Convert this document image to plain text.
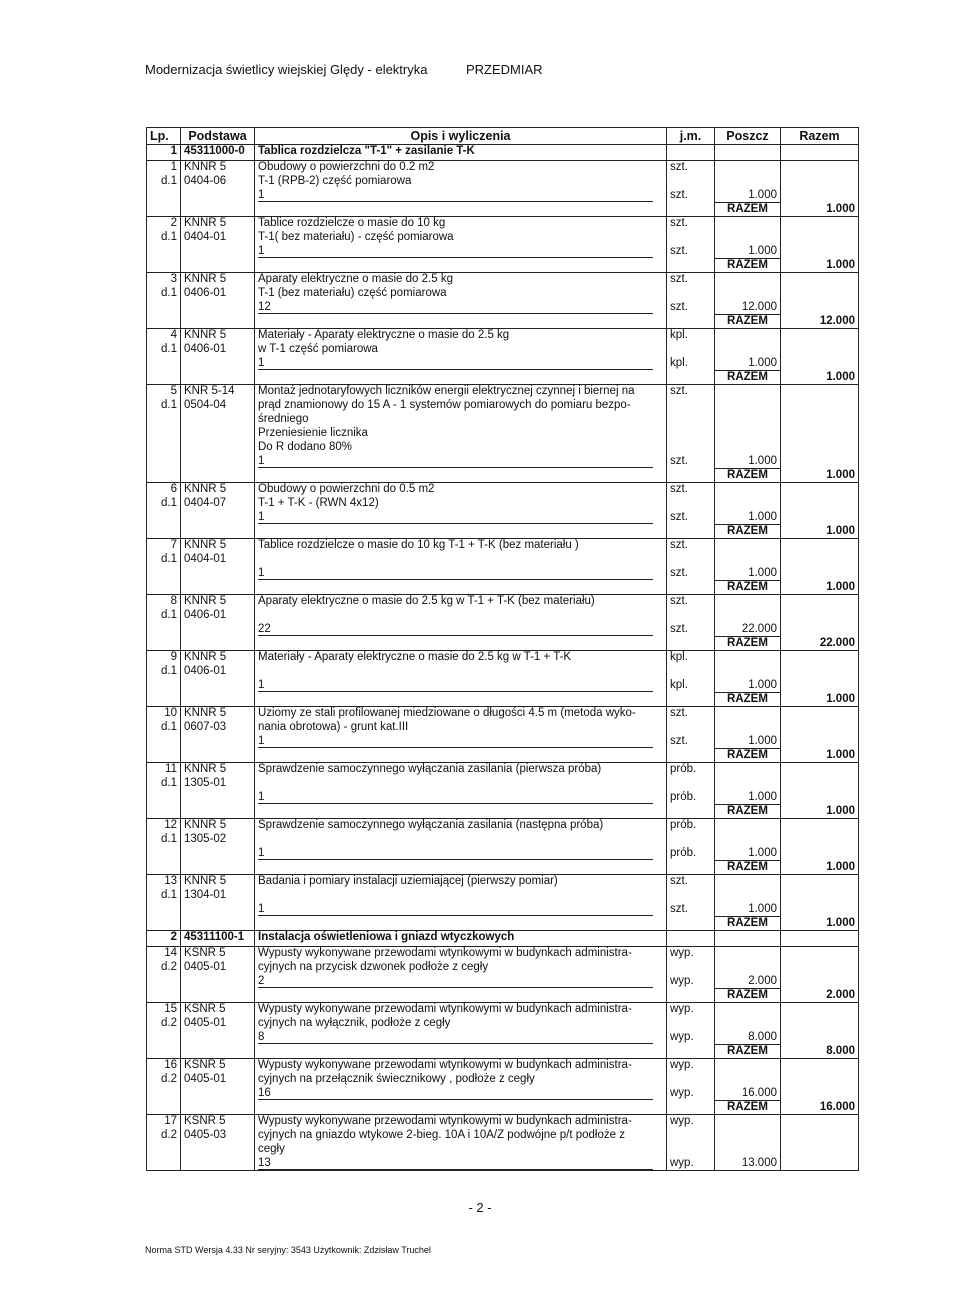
Modernizacja świetlicy wiejskiej Ględy - elektryka	PRZEDMIAR
Lp.	Podstawa	Opis i wyliczenia	j.m.	Poszcz	Razem
1	45311000-0	Tablica rozdzielcza "T-1" + zasilanie T-K			
1	KNNR 5	Obudowy o powierzchni do 0.2 m2	szt.		
d.1	0404-06	T-1 (RPB-2) część pomiarowa			
		1	szt.	1.000	
				RAZEM	1.000
2	KNNR 5	Tablice rozdzielcze o masie do 10 kg	szt.		
d.1	0404-01	T-1( bez materiału) - część pomiarowa			
		1	szt.	1.000	
				RAZEM	1.000
3	KNNR 5	Aparaty elektryczne o masie do 2.5 kg	szt.		
d.1	0406-01	T-1 (bez materiału) część pomiarowa			
		12	szt.	12.000	
				RAZEM	12.000
4	KNNR 5	Materiały - Aparaty elektryczne o masie do 2.5 kg	kpl.		
d.1	0406-01	w T-1 część pomiarowa			
		1	kpl.	1.000	
				RAZEM	1.000
5	KNR 5-14	Montaż jednotaryfowych liczników energii elektrycznej czynnej i biernej na	szt.		
d.1	0504-04	prąd znamionowy do 15 A - 1 systemów pomiarowych do pomiaru bezpo-			
		średniego			
		Przeniesienie licznika			
		Do R dodano 80%			
		1	szt.	1.000	
				RAZEM	1.000
6	KNNR 5	Obudowy o powierzchni do 0.5 m2	szt.		
d.1	0404-07	T-1 + T-K - (RWN 4x12)			
		1	szt.	1.000	
				RAZEM	1.000
7	KNNR 5	Tablice rozdzielcze o masie do 10 kg T-1 + T-K (bez materiału )	szt.		
d.1	0404-01				
		1	szt.	1.000	
				RAZEM	1.000
8	KNNR 5	Aparaty elektryczne o masie do 2.5 kg w T-1 + T-K (bez materiału)	szt.		
d.1	0406-01				
		22	szt.	22.000	
				RAZEM	22.000
9	KNNR 5	Materiały - Aparaty elektryczne o masie do 2.5 kg w T-1 + T-K	kpl.		
d.1	0406-01				
		1	kpl.	1.000	
				RAZEM	1.000
10	KNNR 5	Uziomy ze stali profilowanej miedziowane o długości 4.5 m (metoda wyko-	szt.		
d.1	0607-03	nania obrotowa) - grunt kat.III			
		1	szt.	1.000	
				RAZEM	1.000
11	KNNR 5	Sprawdzenie samoczynnego wyłączania zasilania (pierwsza próba)	prób.		
d.1	1305-01				
		1	prób.	1.000	
				RAZEM	1.000
12	KNNR 5	Sprawdzenie samoczynnego wyłączania zasilania (następna próba)	prób.		
d.1	1305-02				
		1	prób.	1.000	
				RAZEM	1.000
13	KNNR 5	Badania i pomiary instalacji uziemiającej (pierwszy pomiar)	szt.		
d.1	1304-01				
		1	szt.	1.000	
				RAZEM	1.000
2	45311100-1	Instalacja oświetleniowa i gniazd wtyczkowych			
14	KSNR 5	Wypusty wykonywane przewodami wtynkowymi w budynkach administra-	wyp.		
d.2	0405-01	cyjnych na przycisk dzwonek podłoże z cegły			
		2	wyp.	2.000	
				RAZEM	2.000
15	KSNR 5	Wypusty wykonywane przewodami wtynkowymi w budynkach administra-	wyp.		
d.2	0405-01	cyjnych na wyłącznik, podłoże z cegły			
		8	wyp.	8.000	
				RAZEM	8.000
16	KSNR 5	Wypusty wykonywane przewodami wtynkowymi w budynkach administra-	wyp.		
d.2	0405-01	cyjnych na przełącznik świecznikowy , podłoże z cegły			
		16	wyp.	16.000	
				RAZEM	16.000
17	KSNR 5	Wypusty wykonywane przewodami wtynkowymi w budynkach administra-	wyp.		
d.2	0405-03	cyjnych na gniazdo wtykowe 2-bieg. 10A i 10A/Z podwójne p/t podłoże z			
		cegły			
		13	wyp.	13.000	
- 2 -
Norma STD Wersja 4.33 Nr seryjny: 3543 Użytkownik: Zdzisław Truchel
